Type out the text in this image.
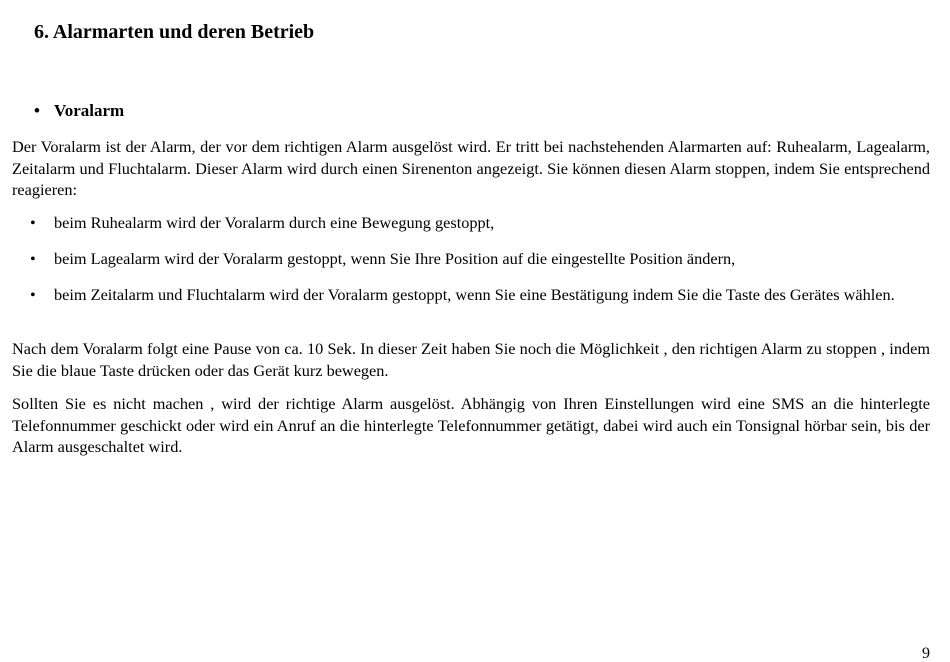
6. Alarmarten und deren Betrieb
• Voralarm

Der Voralarm ist der Alarm, der vor dem richtigen Alarm ausgelöst wird. Er tritt bei nachstehenden Alarmarten auf: Ruhealarm, Lagealarm, Zeitalarm und Fluchtalarm. Dieser Alarm wird durch einen Sirenenton angezeigt. Sie können diesen Alarm stoppen, indem Sie entsprechend reagieren:

•	beim Ruhealarm wird der Voralarm durch eine Bewegung gestoppt,
•	beim Lagealarm wird der Voralarm gestoppt, wenn Sie Ihre Position auf die eingestellte Position ändern,
•	beim Zeitalarm und Fluchtalarm wird der Voralarm gestoppt, wenn Sie eine Bestätigung indem Sie die Taste des Gerätes wählen.

Nach dem Voralarm folgt eine Pause von ca. 10 Sek. In dieser Zeit haben Sie noch die Möglichkeit , den richtigen Alarm zu stoppen , indem Sie die blaue Taste drücken oder das Gerät kurz bewegen.

Sollten Sie es nicht machen , wird der richtige Alarm ausgelöst. Abhängig von Ihren Einstellungen wird eine SMS an die hinterlegte Telefonnummer geschickt oder wird ein Anruf an die hinterlegte Telefonnummer getätigt, dabei wird auch ein Tonsignal hörbar sein, bis der Alarm ausgeschaltet wird.

9
